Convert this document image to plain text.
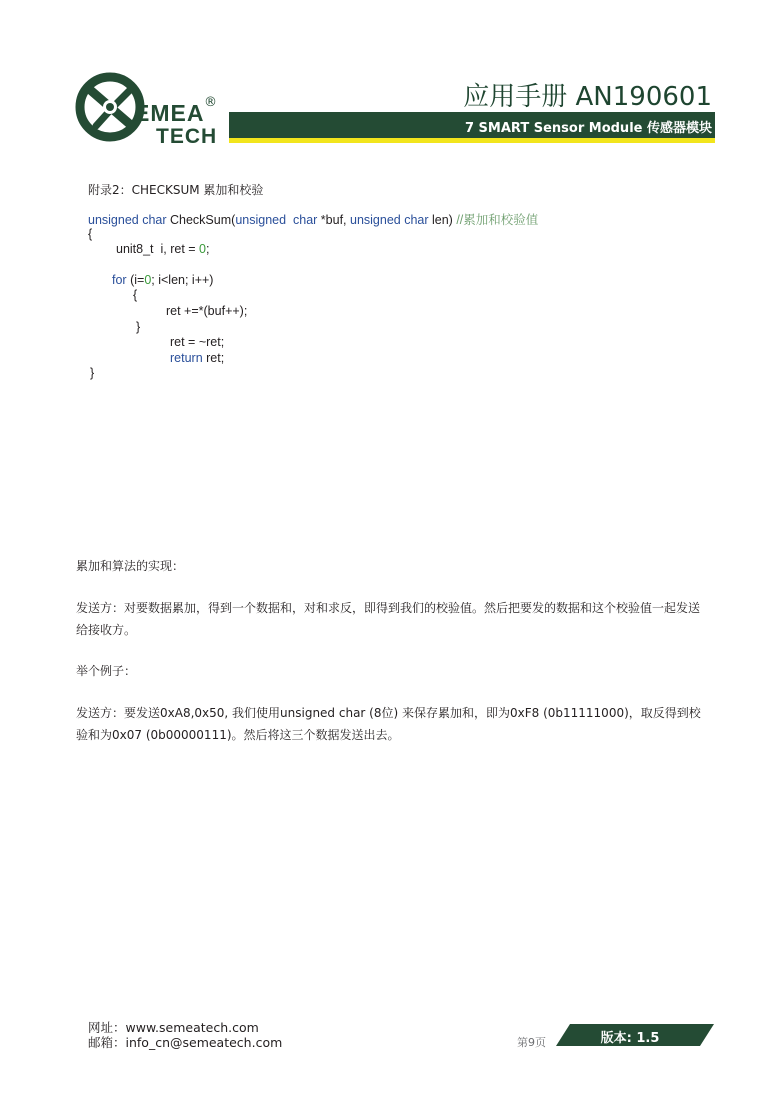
EMEA
TECH
®	应用手册 AN190601
7 SMART Sensor Module 传感器模块
附录2：CHECKSUM 累加和校验
unsigned char CheckSum(unsigned  char *buf, unsigned char len) //累加和校验值
{
unit8_t  i, ret = 0;
for (i=0; i<len; i++)
{
ret +=*(buf++);
}
ret = ~ret;
return ret;
}
累加和算法的实现：
发送方：对要数据累加，得到一个数据和，对和求反，即得到我们的校验值。然后把要发的数据和这个校验值一起发送给接收方。
举个例子：
发送方：要发送0xA8,0x50, 我们使用unsigned char (8位) 来保存累加和，即为0xF8 (0b11111000)，取反得到校验和为0x07 (0b00000111)。然后将这三个数据发送出去。
网址：www.semeatech.com
邮箱：info_cn@semeatech.com	第9页	版本: 1.5
